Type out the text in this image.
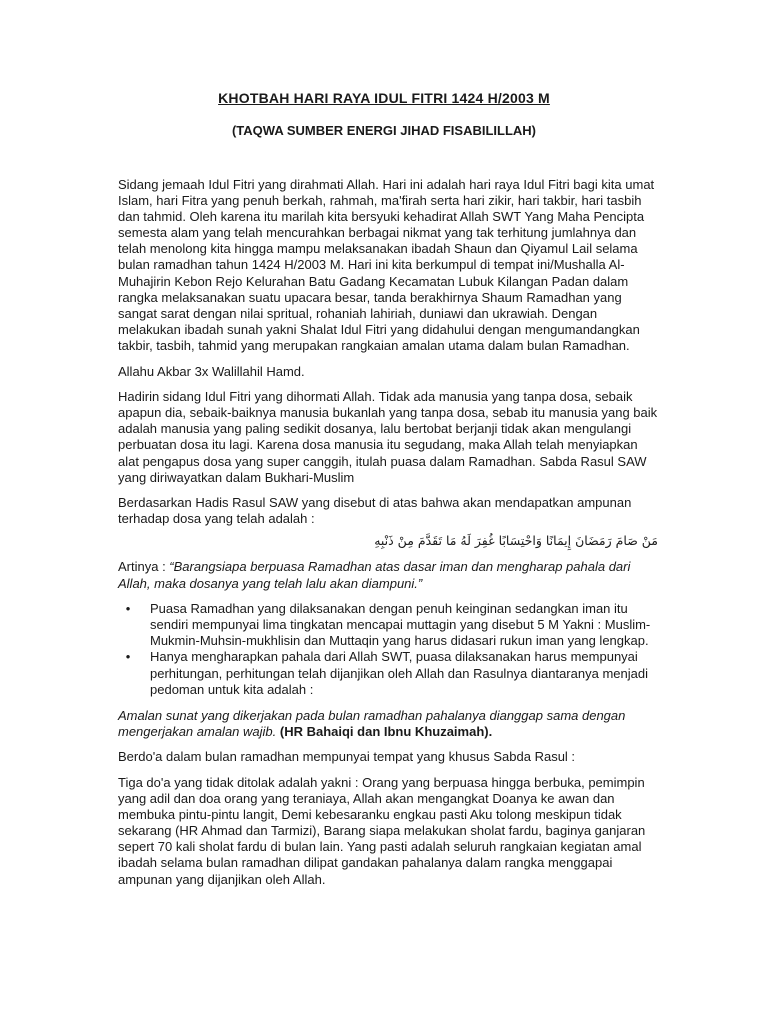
KHOTBAH HARI RAYA IDUL FITRI 1424 H/2003 M
(TAQWA SUMBER ENERGI JIHAD FISABILILLAH)

Sidang jemaah Idul Fitri yang dirahmati Allah. Hari ini adalah hari raya Idul Fitri bagi kita umat Islam, hari Fitra yang penuh berkah, rahmah, ma'firah serta hari zikir, hari takbir, hari tasbih dan tahmid. Oleh karena itu marilah kita bersyuki kehadirat Allah SWT Yang Maha Pencipta semesta alam yang telah mencurahkan berbagai nikmat yang tak terhitung jumlahnya dan telah menolong kita hingga mampu melaksanakan ibadah Shaun dan Qiyamul Lail selama bulan ramadhan tahun 1424 H/2003 M. Hari ini kita berkumpul di tempat ini/Mushalla Al-Muhajirin Kebon Rejo Kelurahan Batu Gadang Kecamatan Lubuk Kilangan Padan dalam rangka melaksanakan suatu upacara besar, tanda berakhirnya Shaum Ramadhan yang sangat sarat dengan nilai spritual, rohaniah lahiriah, duniawi dan ukrawiah. Dengan melakukan ibadah sunah yakni Shalat Idul Fitri yang didahului dengan mengumandangkan takbir, tasbih, tahmid yang merupakan rangkaian amalan utama dalam bulan Ramadhan.

Allahu Akbar 3x Walillahil Hamd.

Hadirin sidang Idul Fitri yang dihormati Allah. Tidak ada manusia yang tanpa dosa, sebaik apapun dia, sebaik-baiknya manusia bukanlah yang tanpa dosa, sebab itu manusia yang baik adalah manusia yang paling sedikit dosanya, lalu bertobat berjanji tidak akan mengulangi perbuatan dosa itu lagi. Karena dosa manusia itu segudang, maka Allah telah menyiapkan alat pengapus dosa yang super canggih, itulah puasa dalam Ramadhan. Sabda Rasul SAW yang diriwayatkan dalam Bukhari-Muslim

Berdasarkan Hadis Rasul SAW yang disebut di atas bahwa akan mendapatkan ampunan terhadap dosa yang telah adalah :

مَنْ صَامَ رَمَضَانَ إِيمَانًا وَاحْتِسَابًا غُفِرَ لَهُ مَا تَقَدَّمَ مِنْ ذَنْبِهِ

Artinya : “Barangsiapa berpuasa Ramadhan atas dasar iman dan mengharap pahala dari Allah, maka dosanya yang telah lalu akan diampuni.”

•	Puasa Ramadhan yang dilaksanakan dengan penuh keinginan sedangkan iman itu sendiri mempunyai lima tingkatan mencapai muttagin yang disebut 5 M Yakni : Muslim-Mukmin-Muhsin-mukhlisin dan Muttaqin yang harus didasari rukun iman yang lengkap.
•	Hanya mengharapkan pahala dari Allah SWT, puasa dilaksanakan harus mempunyai perhitungan, perhitungan telah dijanjikan oleh Allah dan Rasulnya diantaranya menjadi pedoman untuk kita adalah :

Amalan sunat yang dikerjakan pada bulan ramadhan pahalanya dianggap sama dengan mengerjakan amalan wajib. (HR Bahaiqi dan Ibnu Khuzaimah).

Berdo'a dalam bulan ramadhan mempunyai tempat yang khusus Sabda Rasul :

Tiga do'a yang tidak ditolak adalah yakni : Orang yang berpuasa hingga berbuka, pemimpin yang adil dan doa orang yang teraniaya, Allah akan mengangkat Doanya ke awan dan membuka pintu-pintu langit, Demi kebesaranku engkau pasti Aku tolong meskipun tidak sekarang (HR Ahmad dan Tarmizi), Barang siapa melakukan sholat fardu, baginya ganjaran sepert 70 kali sholat fardu di bulan lain. Yang pasti adalah seluruh rangkaian kegiatan amal ibadah selama bulan ramadhan dilipat gandakan pahalanya dalam rangka menggapai ampunan yang dijanjikan oleh Allah.
